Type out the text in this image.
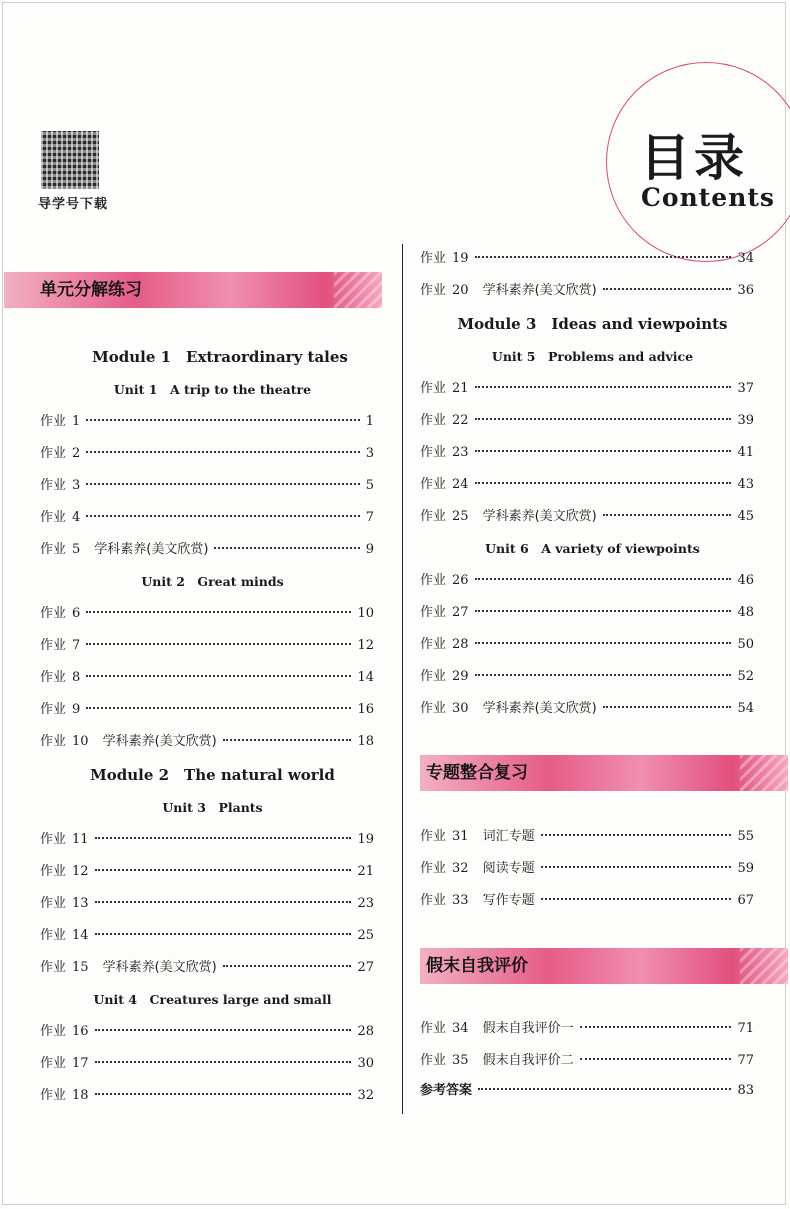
导学号下载
目录
Contents
单元分解练习
Module 1　Extraordinary tales
Unit 1　A trip to the theatre
Unit 2　Great minds
Module 2　The natural world
Unit 3　Plants
Unit 4　Creatures large and small
作业 1	1
作业 2	3
作业 3	5
作业 4	7
作业 5 学科素养(美文欣赏)	9
作业 6	10
作业 7	12
作业 8	14
作业 9	16
作业 10 学科素养(美文欣赏)	18
作业 11	19
作业 12	21
作业 13	23
作业 14	25
作业 15 学科素养(美文欣赏)	27
作业 16	28
作业 17	30
作业 18	32
Module 3　Ideas and viewpoints
Unit 5　Problems and advice
Unit 6　A variety of viewpoints
专题整合复习
假末自我评价
作业 19	34
作业 20 学科素养(美文欣赏)	36
作业 21	37
作业 22	39
作业 23	41
作业 24	43
作业 25 学科素养(美文欣赏)	45
作业 26	46
作业 27	48
作业 28	50
作业 29	52
作业 30 学科素养(美文欣赏)	54
作业 31 词汇专题	55
作业 32 阅读专题	59
作业 33 写作专题	67
作业 34 假末自我评价一	71
作业 35 假末自我评价二	77
参考答案	83
